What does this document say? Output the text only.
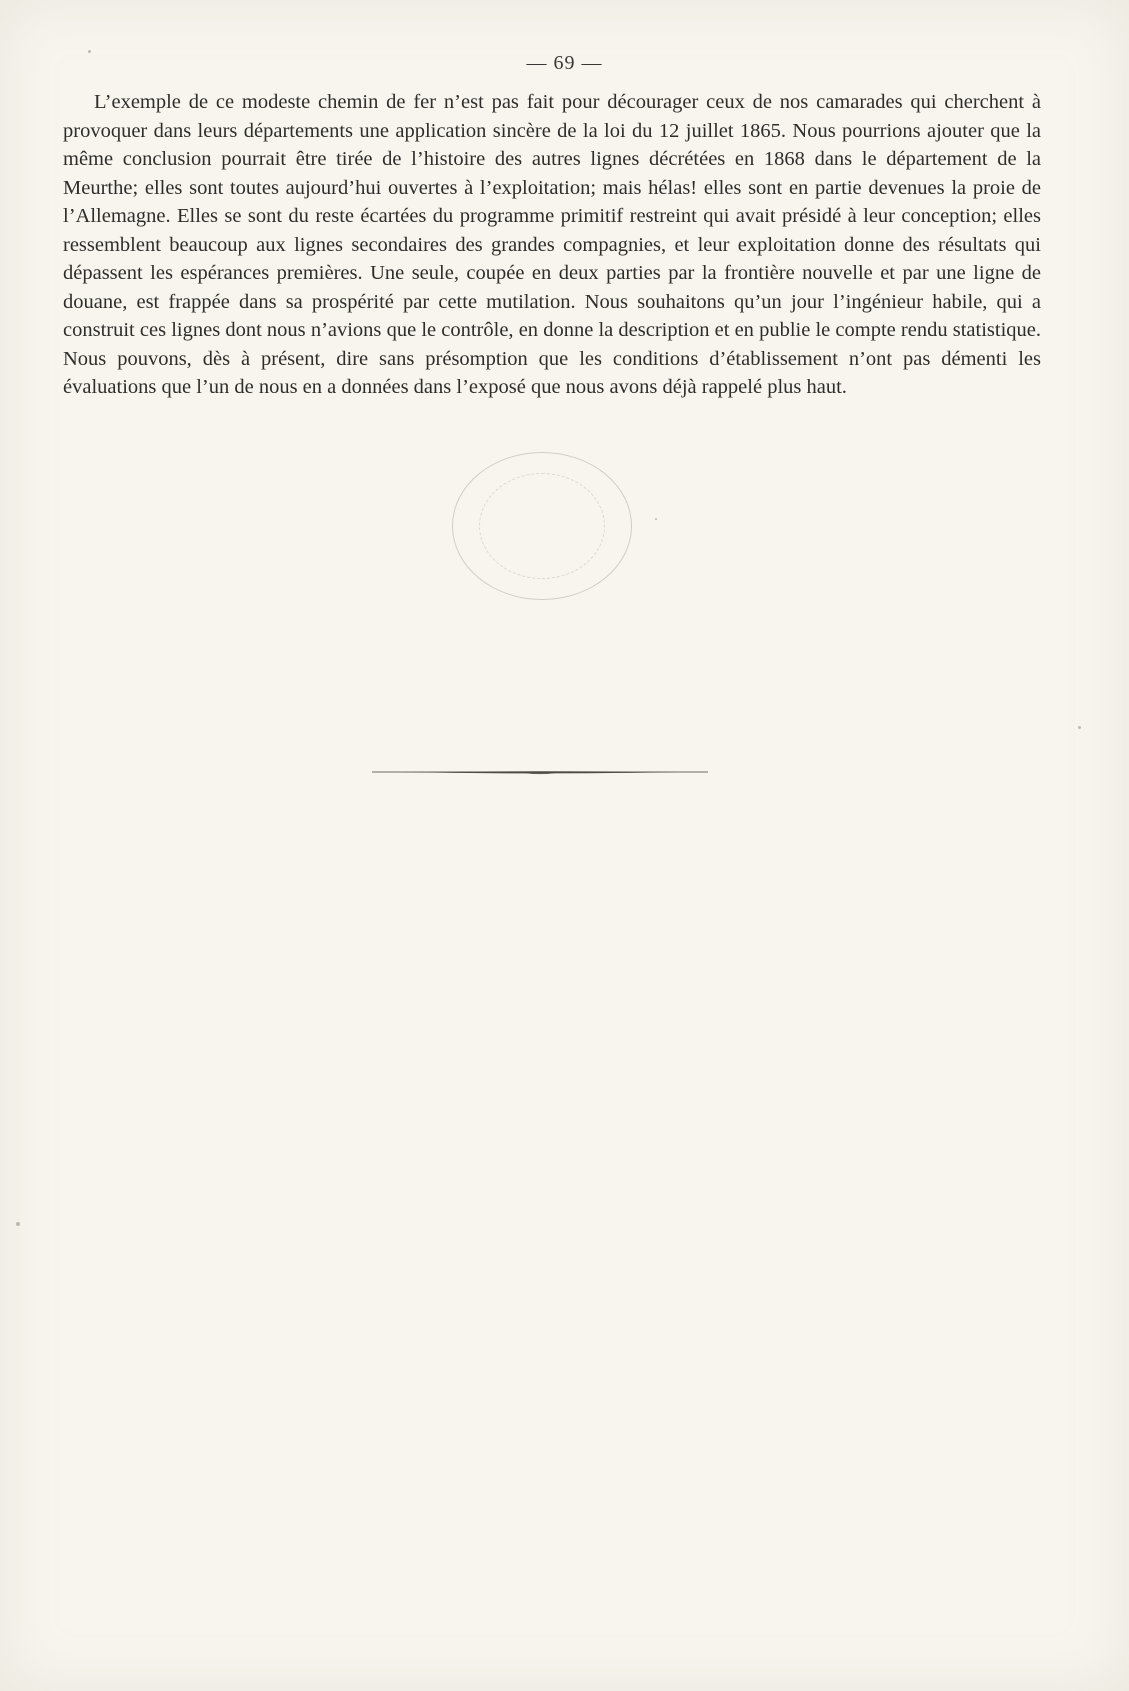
— 69 —

L’exemple de ce modeste chemin de fer n’est pas fait pour décourager ceux de nos camarades qui cherchent à provoquer dans leurs départements une application sincère de la loi du 12 juillet 1865. Nous pourrions ajouter que la même conclusion pourrait être tirée de l’histoire des autres lignes décrétées en 1868 dans le département de la Meurthe; elles sont toutes aujourd’hui ouvertes à l’exploitation; mais hélas! elles sont en partie devenues la proie de l’Allemagne. Elles se sont du reste écartées du programme primitif restreint qui avait présidé à leur conception; elles ressemblent beaucoup aux lignes secondaires des grandes compagnies, et leur exploitation donne des résultats qui dépassent les espérances premières. Une seule, coupée en deux parties par la frontière nouvelle et par une ligne de douane, est frappée dans sa prospérité par cette mutilation. Nous souhaitons qu’un jour l’ingénieur habile, qui a construit ces lignes dont nous n’avions que le contrôle, en donne la description et en publie le compte rendu statistique. Nous pouvons, dès à présent, dire sans présomption que les conditions d’établissement n’ont pas démenti les évaluations que l’un de nous en a données dans l’exposé que nous avons déjà rappelé plus haut.
